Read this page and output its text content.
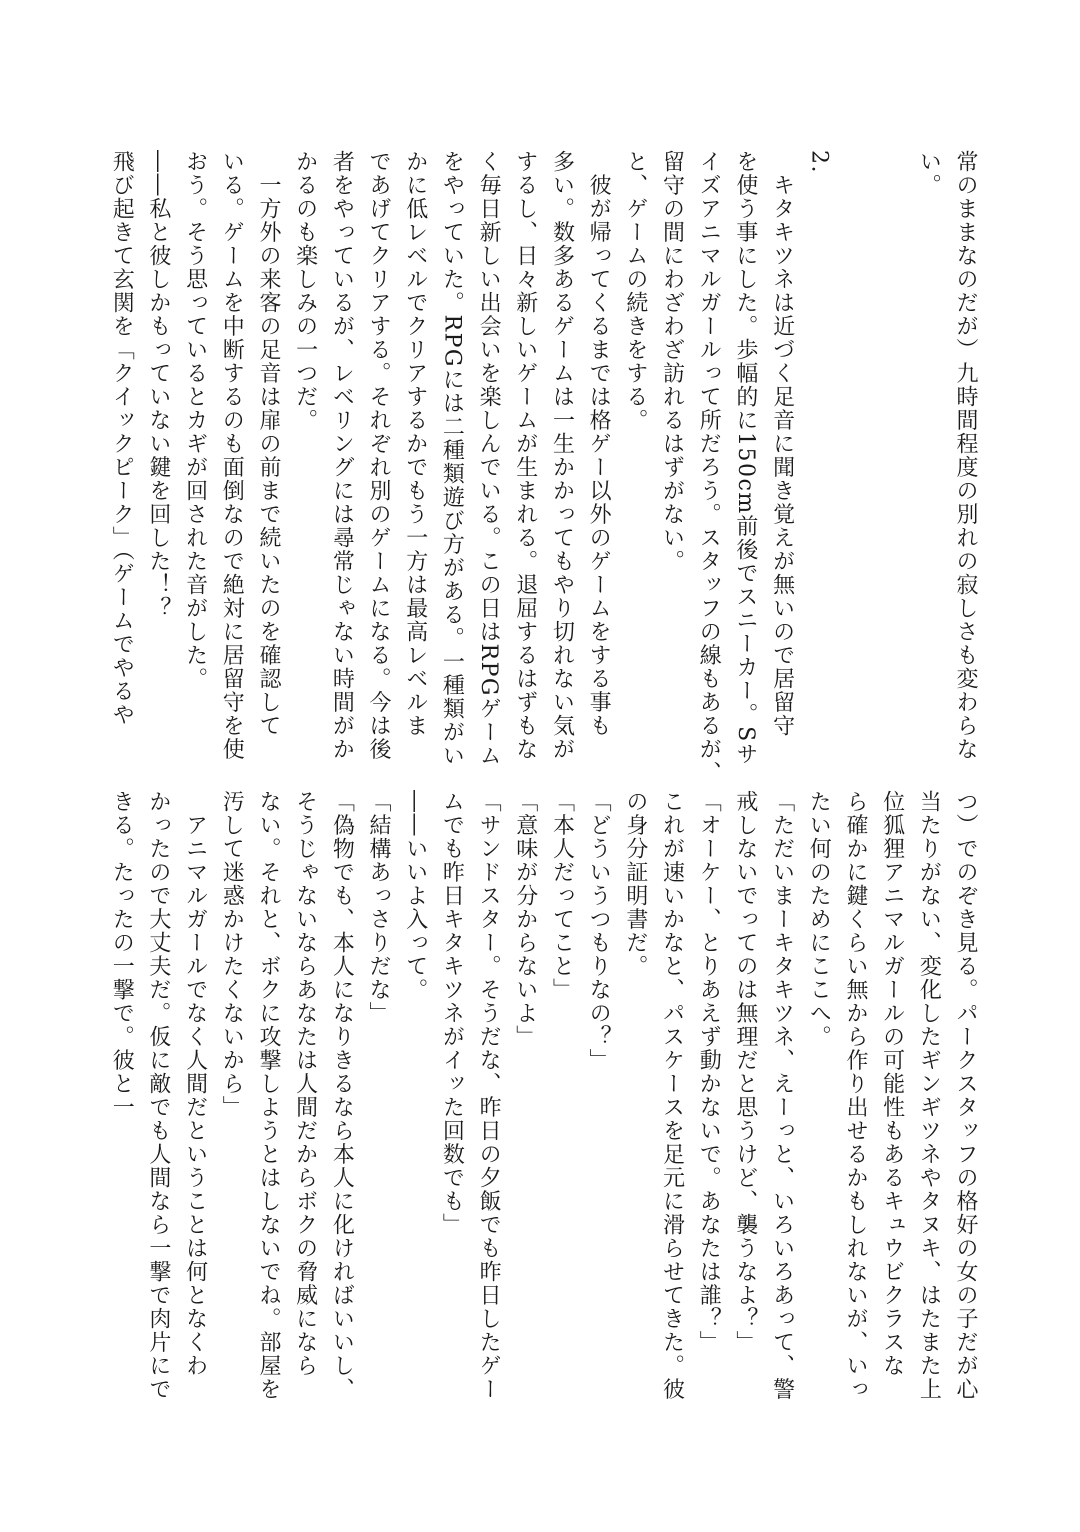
常のままなのだが）九時間程度の別れの寂しさも変わらな
い。
2.
　キタキツネは近づく足音に聞き覚えが無いので居留守
を使う事にした。歩幅的に150cm前後でスニーカー。Sサ
イズアニマルガールって所だろう。スタッフの線もあるが、
留守の間にわざわざ訪れるはずがない。
と、ゲームの続きをする。
　彼が帰ってくるまでは格ゲー以外のゲームをする事も
多い。数多あるゲームは一生かかってもやり切れない気が
するし、日々新しいゲームが生まれる。退屈するはずもな
く毎日新しい出会いを楽しんでいる。この日はRPGゲーム
をやっていた。RPGには二種類遊び方がある。一種類がい
かに低レベルでクリアするかでもう一方は最高レベルま
であげてクリアする。それぞれ別のゲームになる。今は後
者をやっているが、レベリングには尋常じゃない時間がか
かるのも楽しみの一つだ。
　一方外の来客の足音は扉の前まで続いたのを確認して
いる。ゲームを中断するのも面倒なので絶対に居留守を使
おう。そう思っているとカギが回された音がした。
――私と彼しかもっていない鍵を回した！？
飛び起きて玄関を「クイックピーク」（ゲームでやるや
つ）でのぞき見る。パークスタッフの格好の女の子だが心
当たりがない、変化したギンギツネやタヌキ、はたまた上
位狐狸アニマルガールの可能性もあるキュウビクラスな
ら確かに鍵くらい無から作り出せるかもしれないが、いっ
たい何のためにここへ。
「ただいまーキタキツネ、えーっと、いろいろあって、警
戒しないでってのは無理だと思うけど、襲うなよ？」
「オーケー、とりあえず動かないで。あなたは誰？」
これが速いかなと、パスケースを足元に滑らせてきた。彼
の身分証明書だ。
「どういうつもりなの？」
「本人だってこと」
「意味が分からないよ」
「サンドスター。そうだな、昨日の夕飯でも昨日したゲー
ムでも昨日キタキツネがイッた回数でも」
――いいよ入って。
「結構あっさりだな」
「偽物でも、本人になりきるなら本人に化ければいいし、
そうじゃないならあなたは人間だからボクの脅威になら
ない。それと、ボクに攻撃しようとはしないでね。部屋を
汚して迷惑かけたくないから」
　アニマルガールでなく人間だということは何となくわ
かったので大丈夫だ。仮に敵でも人間なら一撃で肉片にで
きる。たったの一撃で。彼と一
